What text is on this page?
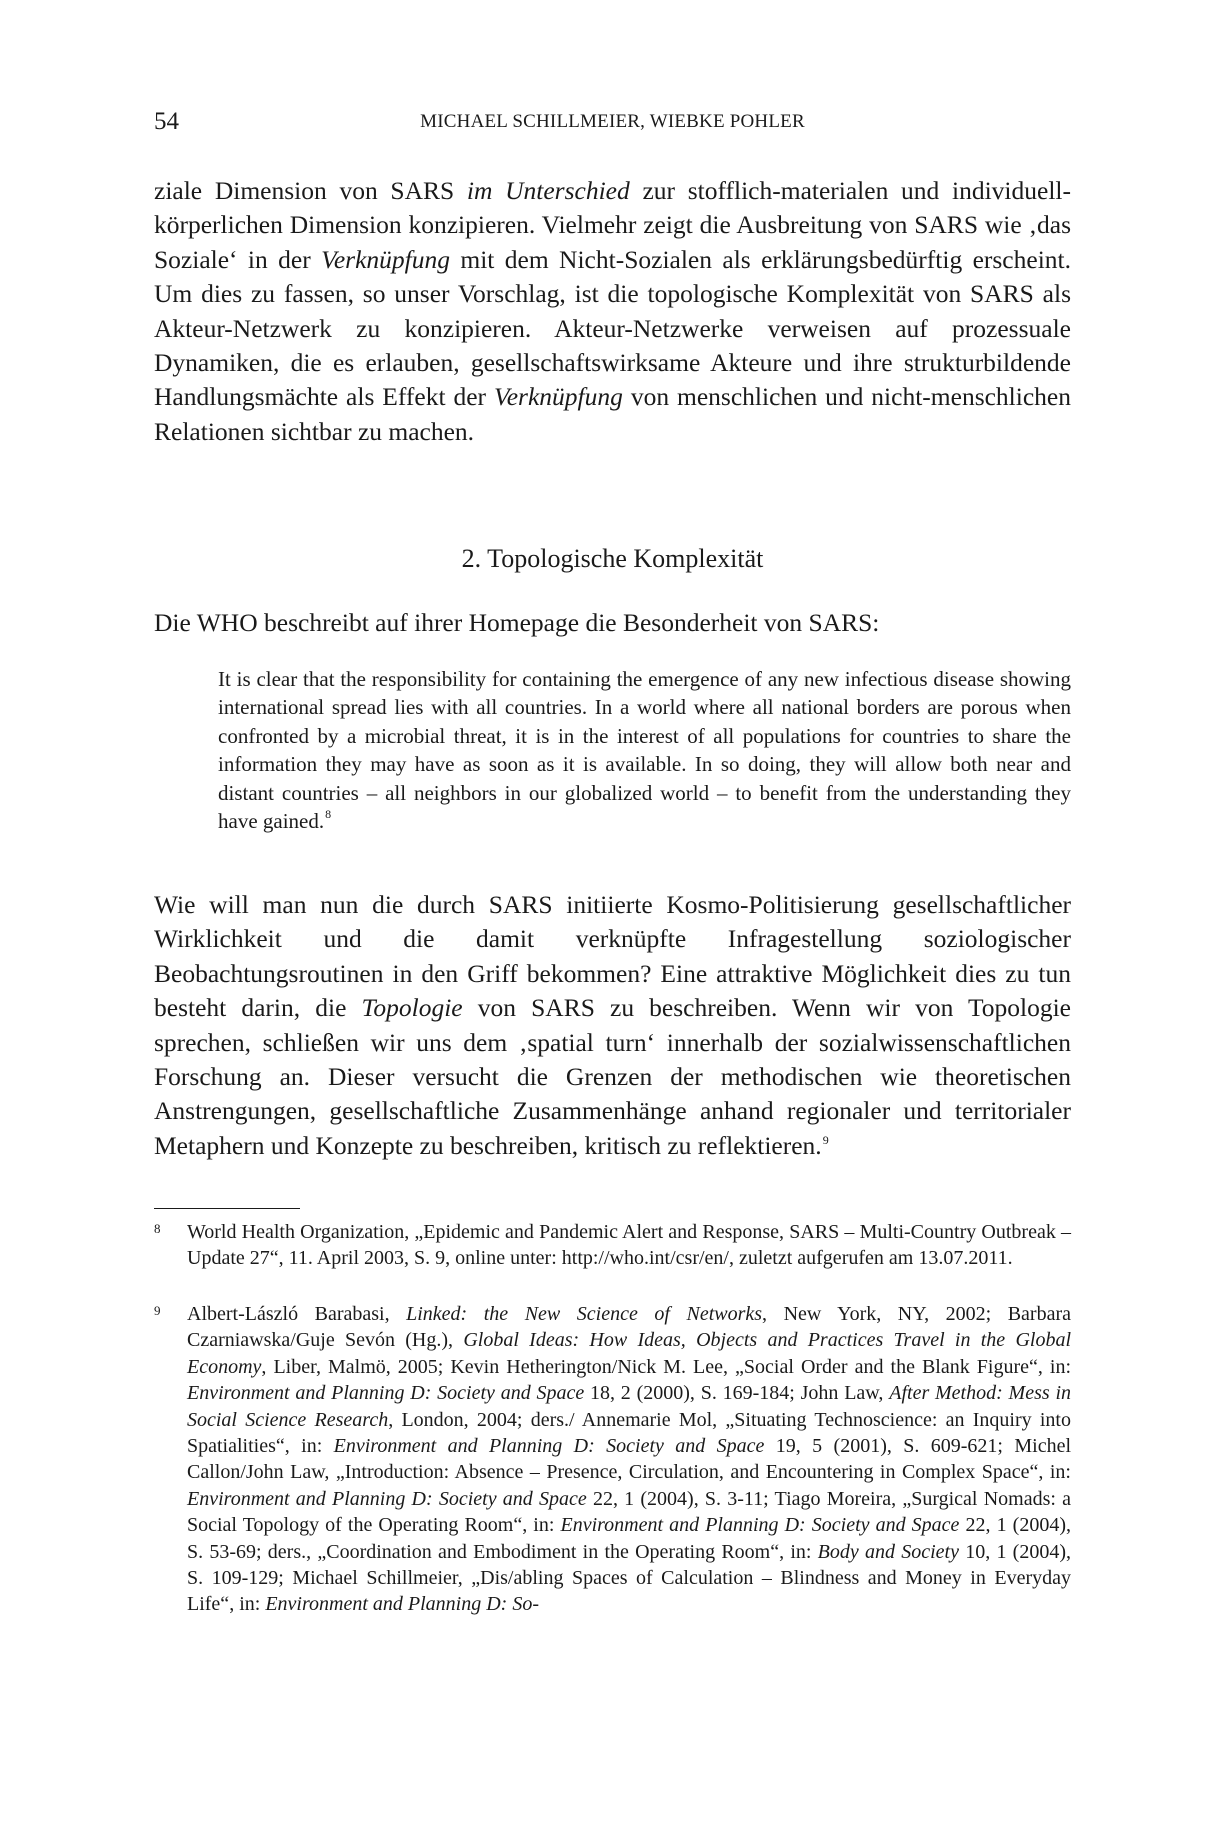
54	MICHAEL SCHILLMEIER, WIEBKE POHLER

ziale Dimension von SARS im Unterschied zur stofflich-materialen und individuell-körperlichen Dimension konzipieren. Vielmehr zeigt die Ausbreitung von SARS wie ‚das Soziale‘ in der Verknüpfung mit dem Nicht-Sozialen als erklärungsbedürftig erscheint. Um dies zu fassen, so unser Vorschlag, ist die topologische Komplexität von SARS als Akteur-Netzwerk zu konzipieren. Akteur-Netzwerke verweisen auf prozessuale Dynamiken, die es erlauben, gesellschaftswirksame Akteure und ihre strukturbildende Handlungsmächte als Effekt der Verknüpfung von menschlichen und nicht-menschlichen Relationen sichtbar zu machen.

2. Topologische Komplexität

Die WHO beschreibt auf ihrer Homepage die Besonderheit von SARS:

It is clear that the responsibility for containing the emergence of any new infectious disease showing international spread lies with all countries. In a world where all national borders are porous when confronted by a microbial threat, it is in the interest of all populations for countries to share the information they may have as soon as it is available. In so doing, they will allow both near and distant countries – all neighbors in our globalized world – to benefit from the understanding they have gained.$^8$

Wie will man nun die durch SARS initiierte Kosmo-Politisierung gesellschaftlicher Wirklichkeit und die damit verknüpfte Infragestellung soziologischer Beobachtungsroutinen in den Griff bekommen? Eine attraktive Möglichkeit dies zu tun besteht darin, die Topologie von SARS zu beschreiben. Wenn wir von Topologie sprechen, schließen wir uns dem ‚spatial turn‘ innerhalb der sozialwissenschaftlichen Forschung an. Dieser versucht die Grenzen der methodischen wie theoretischen Anstrengungen, gesellschaftliche Zusammenhänge anhand regionaler und territorialer Metaphern und Konzepte zu beschreiben, kritisch zu reflektieren.$^9$

8 World Health Organization, „Epidemic and Pandemic Alert and Response, SARS – Multi-Country Outbreak – Update 27“, 11. April 2003, S. 9, online unter: http://who.int/csr/en/, zuletzt aufgerufen am 13.07.2011.
9 Albert-László Barabasi, Linked: the New Science of Networks, New York, NY, 2002; Barbara Czarniawska/Guje Sevón (Hg.), Global Ideas: How Ideas, Objects and Practices Travel in the Global Economy, Liber, Malmö, 2005; Kevin Hetherington/Nick M. Lee, „Social Order and the Blank Figure“, in: Environment and Planning D: Society and Space 18, 2 (2000), S. 169-184; John Law, After Method: Mess in Social Science Research, London, 2004; ders./ Annemarie Mol, „Situating Technoscience: an Inquiry into Spatialities“, in: Environment and Planning D: Society and Space 19, 5 (2001), S. 609-621; Michel Callon/John Law, „Introduction: Absence – Presence, Circulation, and Encountering in Complex Space“, in: Environment and Planning D: Society and Space 22, 1 (2004), S. 3-11; Tiago Moreira, „Surgical Nomads: a Social Topology of the Operating Room“, in: Environment and Planning D: Society and Space 22, 1 (2004), S. 53-69; ders., „Coordination and Embodiment in the Operating Room“, in: Body and Society 10, 1 (2004), S. 109-129; Michael Schillmeier, „Dis/abling Spaces of Calculation – Blindness and Money in Everyday Life“, in: Environment and Planning D: So-
